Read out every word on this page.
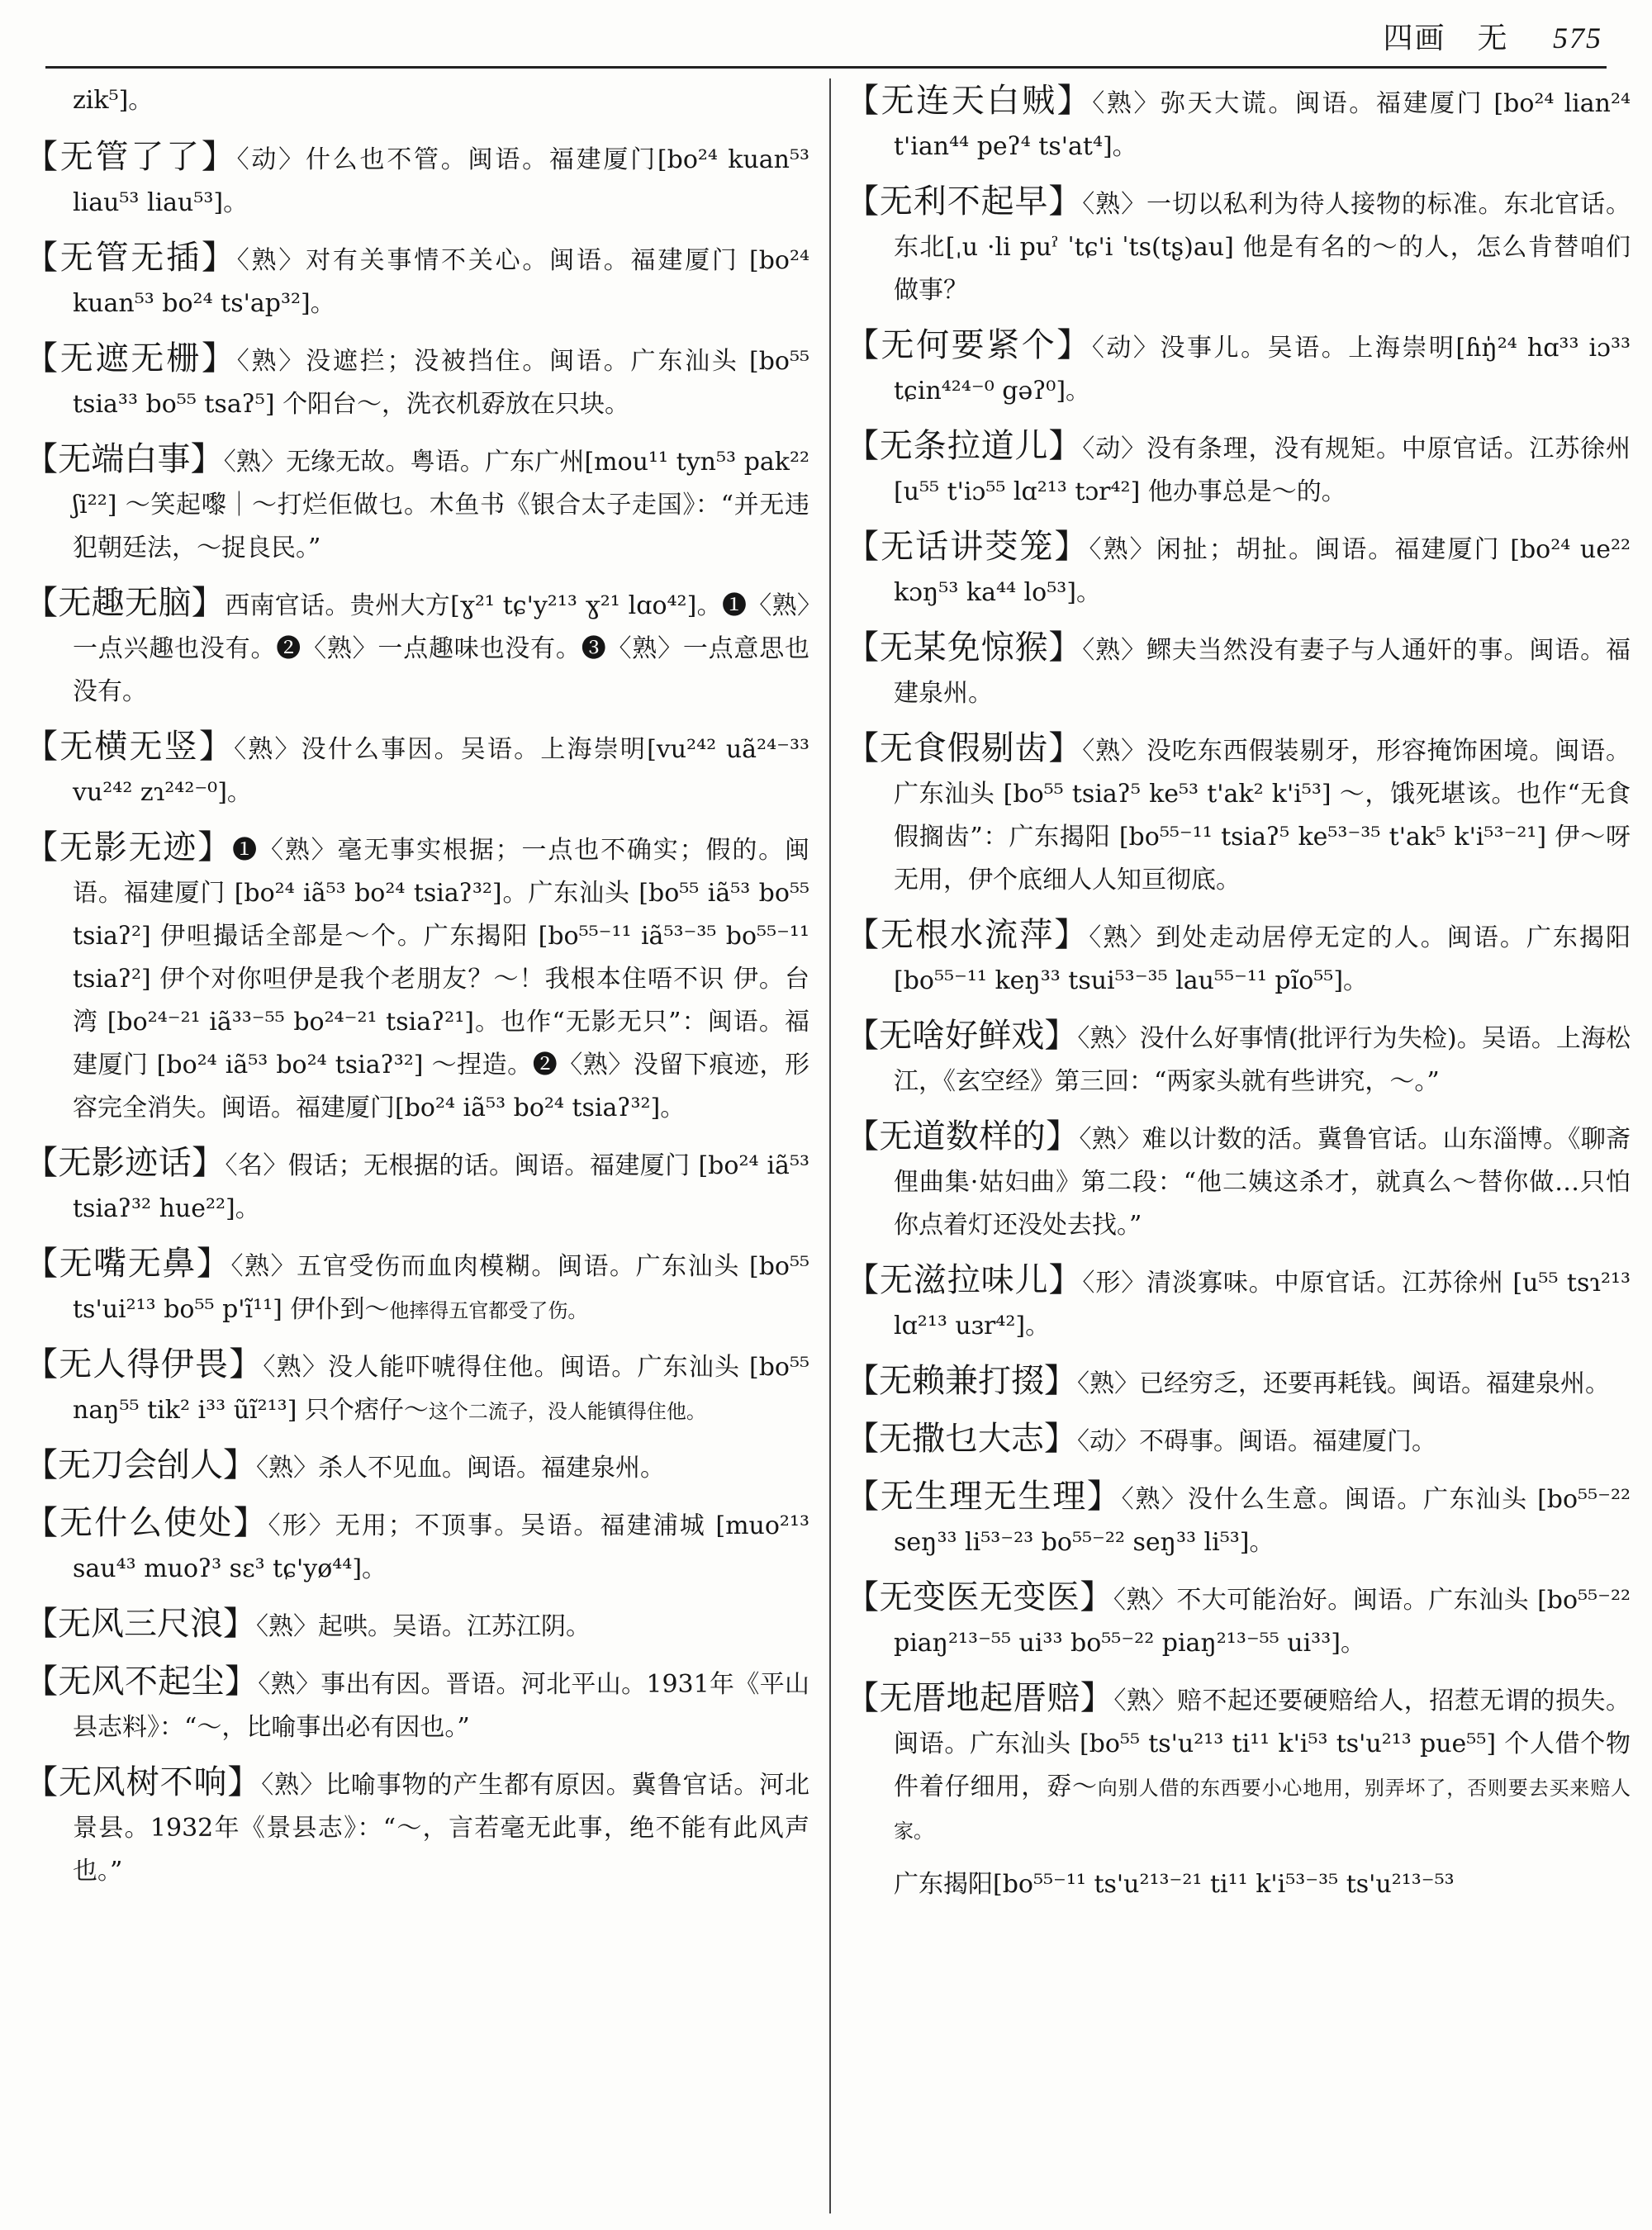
四画　无 575

zik⁵]。

【无管了了】〈动〉什么也不管。闽语。福建厦门[bo²⁴ kuan⁵³ liau⁵³ liau⁵³]。

【无管无插】〈熟〉对有关事情不关心。闽语。福建厦门 [bo²⁴ kuan⁵³ bo²⁴ ts'ap³²]。

【无遮无栅】〈熟〉没遮拦；没被挡住。闽语。广东汕头 [bo⁵⁵ tsia³³ bo⁵⁵ tsaʔ⁵] 个阳台～，洗衣机孬放在只块。

【无端白事】〈熟〉无缘无故。粤语。广东广州[mou¹¹ tyn⁵³ pak²² ʃi²²] ～笑起嚟｜～打烂佢做乜。木鱼书《银合太子走国》：“并无违犯朝廷法，～捉良民。”

【无趣无脑】西南官话。贵州大方[ɣ²¹ tɕ'y²¹³ ɣ²¹ lɑo⁴²]。❶〈熟〉一点兴趣也没有。❷〈熟〉一点趣味也没有。❸〈熟〉一点意思也没有。

【无横无竖】〈熟〉没什么事因。吴语。上海崇明[vu²⁴² uã²⁴⁻³³ vu²⁴² zɿ²⁴²⁻⁰]。

【无影无迹】❶〈熟〉毫无事实根据；一点也不确实；假的。闽语。福建厦门 [bo²⁴ iã⁵³ bo²⁴ tsiaʔ³²]。广东汕头 [bo⁵⁵ iã⁵³ bo⁵⁵ tsiaʔ²] 伊呾撮话全部是～个。广东揭阳 [bo⁵⁵⁻¹¹ iã⁵³⁻³⁵ bo⁵⁵⁻¹¹ tsiaʔ²] 伊个对你呾伊是我个老朋友？～！我根本住唔不识 伊。台湾 [bo²⁴⁻²¹ iã³³⁻⁵⁵ bo²⁴⁻²¹ tsiaʔ²¹]。也作“无影无只”：闽语。福建厦门 [bo²⁴ iã⁵³ bo²⁴ tsiaʔ³²] ～捏造。❷〈熟〉没留下痕迹，形容完全消失。闽语。福建厦门[bo²⁴ iã⁵³ bo²⁴ tsiaʔ³²]。

【无影迹话】〈名〉假话；无根据的话。闽语。福建厦门 [bo²⁴ iã⁵³ tsiaʔ³² hue²²]。

【无嘴无鼻】〈熟〉五官受伤而血肉模糊。闽语。广东汕头 [bo⁵⁵ ts'ui²¹³ bo⁵⁵ p'ĩ¹¹] 伊仆到～他摔得五官都受了伤。

【无人得伊畏】〈熟〉没人能吓唬得住他。闽语。广东汕头 [bo⁵⁵ naŋ⁵⁵ tik² i³³ ũĩ²¹³] 只个痞仔～这个二流子，没人能镇得住他。

【无刀会刣人】〈熟〉杀人不见血。闽语。福建泉州。

【无什么使处】〈形〉无用；不顶事。吴语。福建浦城 [muo²¹³ sau⁴³ muoʔ³ sɛ³ tɕ'yø⁴⁴]。

【无风三尺浪】〈熟〉起哄。吴语。江苏江阴。

【无风不起尘】〈熟〉事出有因。晋语。河北平山。1931年《平山县志料》：“～，比喻事出必有因也。”

【无风树不响】〈熟〉比喻事物的产生都有原因。冀鲁官话。河北景县。1932年《景县志》：“～，言若毫无此事，绝不能有此风声也。”

【无连天白贼】〈熟〉弥天大谎。闽语。福建厦门 [bo²⁴ lian²⁴ t'ian⁴⁴ peʔ⁴ ts'at⁴]。

【无利不起早】〈熟〉一切以私利为待人接物的标准。东北官话。东北[ˌu ·li puˀ ˈtɕ'i ˈts(tʂ)au] 他是有名的～的人，怎么肯替咱们做事？

【无何要紧个】〈动〉没事儿。吴语。上海崇明[ɦŋ̍²⁴ hɑ³³ iɔ³³ tɕin⁴²⁴⁻⁰ gəʔ⁰]。

【无条拉道儿】〈动〉没有条理，没有规矩。中原官话。江苏徐州 [u⁵⁵ t'iɔ⁵⁵ lɑ²¹³ tɔr⁴²] 他办事总是～的。

【无话讲茭笼】〈熟〉闲扯；胡扯。闽语。福建厦门 [bo²⁴ ue²² kɔŋ⁵³ ka⁴⁴ lo⁵³]。

【无某免惊猴】〈熟〉鳏夫当然没有妻子与人通奸的事。闽语。福建泉州。

【无食假剔齿】〈熟〉没吃东西假装剔牙，形容掩饰困境。闽语。广东汕头 [bo⁵⁵ tsiaʔ⁵ ke⁵³ t'ak² k'i⁵³] ～，饿死堪该。也作“无食假搁齿”：广东揭阳 [bo⁵⁵⁻¹¹ tsiaʔ⁵ ke⁵³⁻³⁵ t'ak⁵ k'i⁵³⁻²¹] 伊～呀无用，伊个底细人人知亘彻底。

【无根水流萍】〈熟〉到处走动居停无定的人。闽语。广东揭阳[bo⁵⁵⁻¹¹ keŋ³³ tsui⁵³⁻³⁵ lau⁵⁵⁻¹¹ pĩo⁵⁵]。

【无啥好鲜戏】〈熟〉没什么好事情(批评行为失检)。吴语。上海松江，《玄空经》第三回：“两家头就有些讲究，～。”

【无道数样的】〈熟〉难以计数的活。冀鲁官话。山东淄博。《聊斋俚曲集·姑妇曲》第二段：“他二姨这杀才，就真么～替你做…只怕你点着灯还没处去找。”

【无滋拉味儿】〈形〉清淡寡味。中原官话。江苏徐州 [u⁵⁵ tsɿ²¹³ lɑ²¹³ uɜr⁴²]。

【无赖兼打掇】〈熟〉已经穷乏，还要再耗钱。闽语。福建泉州。

【无撒乜大志】〈动〉不碍事。闽语。福建厦门。

【无生理无生理】〈熟〉没什么生意。闽语。广东汕头 [bo⁵⁵⁻²² seŋ³³ li⁵³⁻²³ bo⁵⁵⁻²² seŋ³³ li⁵³]。

【无变医无变医】〈熟〉不大可能治好。闽语。广东汕头 [bo⁵⁵⁻²² piaŋ²¹³⁻⁵⁵ ui³³ bo⁵⁵⁻²² piaŋ²¹³⁻⁵⁵ ui³³]。

【无厝地起厝赔】〈熟〉赔不起还要硬赔给人，招惹无谓的损失。闽语。广东汕头 [bo⁵⁵ ts'u²¹³ ti¹¹ k'i⁵³ ts'u²¹³ pue⁵⁵] 个人借个物件着仔细用，孬～向别人借的东西要小心地用，别弄坏了，否则要去买来赔人家。

广东揭阳[bo⁵⁵⁻¹¹ ts'u²¹³⁻²¹ ti¹¹ k'i⁵³⁻³⁵ ts'u²¹³⁻⁵³
